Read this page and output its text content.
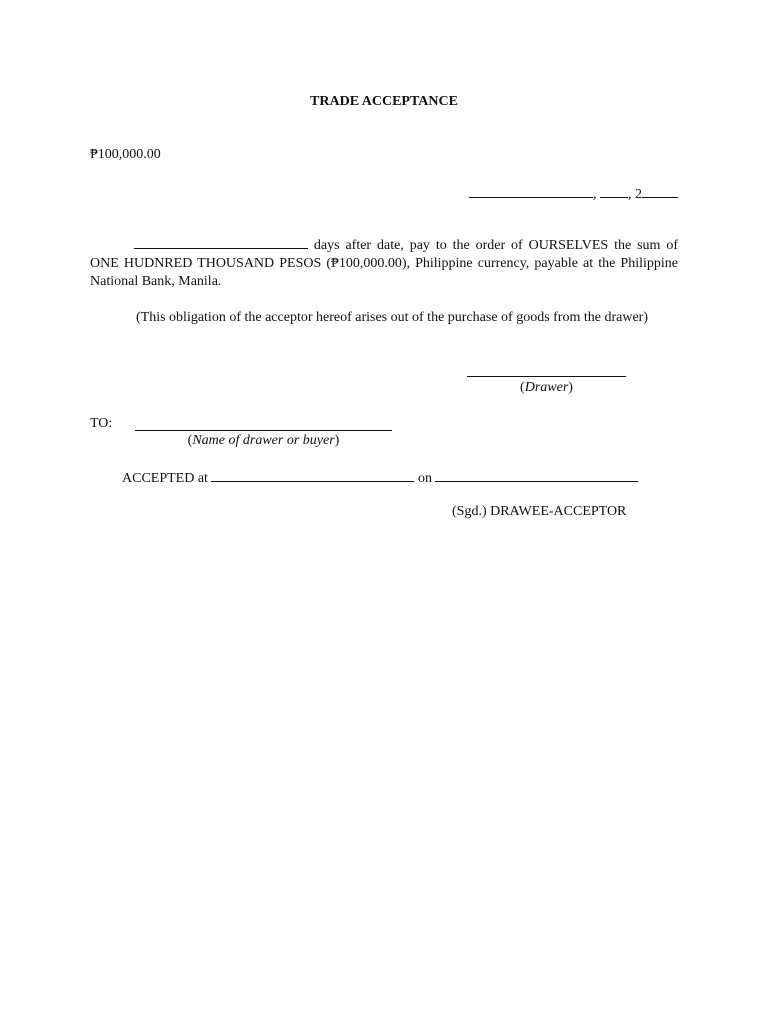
TRADE ACCEPTANCE
₱100,000.00
, , 2
days after date, pay to the order of OURSELVES the sum of ONE HUDNRED THOUSAND PESOS (₱100,000.00), Philippine currency, payable at the Philippine National Bank, Manila.
(This obligation of the acceptor hereof arises out of the purchase of goods from the drawer)
(Drawer)
TO:
(Name of drawer or buyer)
ACCEPTED at	on
(Sgd.) DRAWEE-ACCEPTOR
